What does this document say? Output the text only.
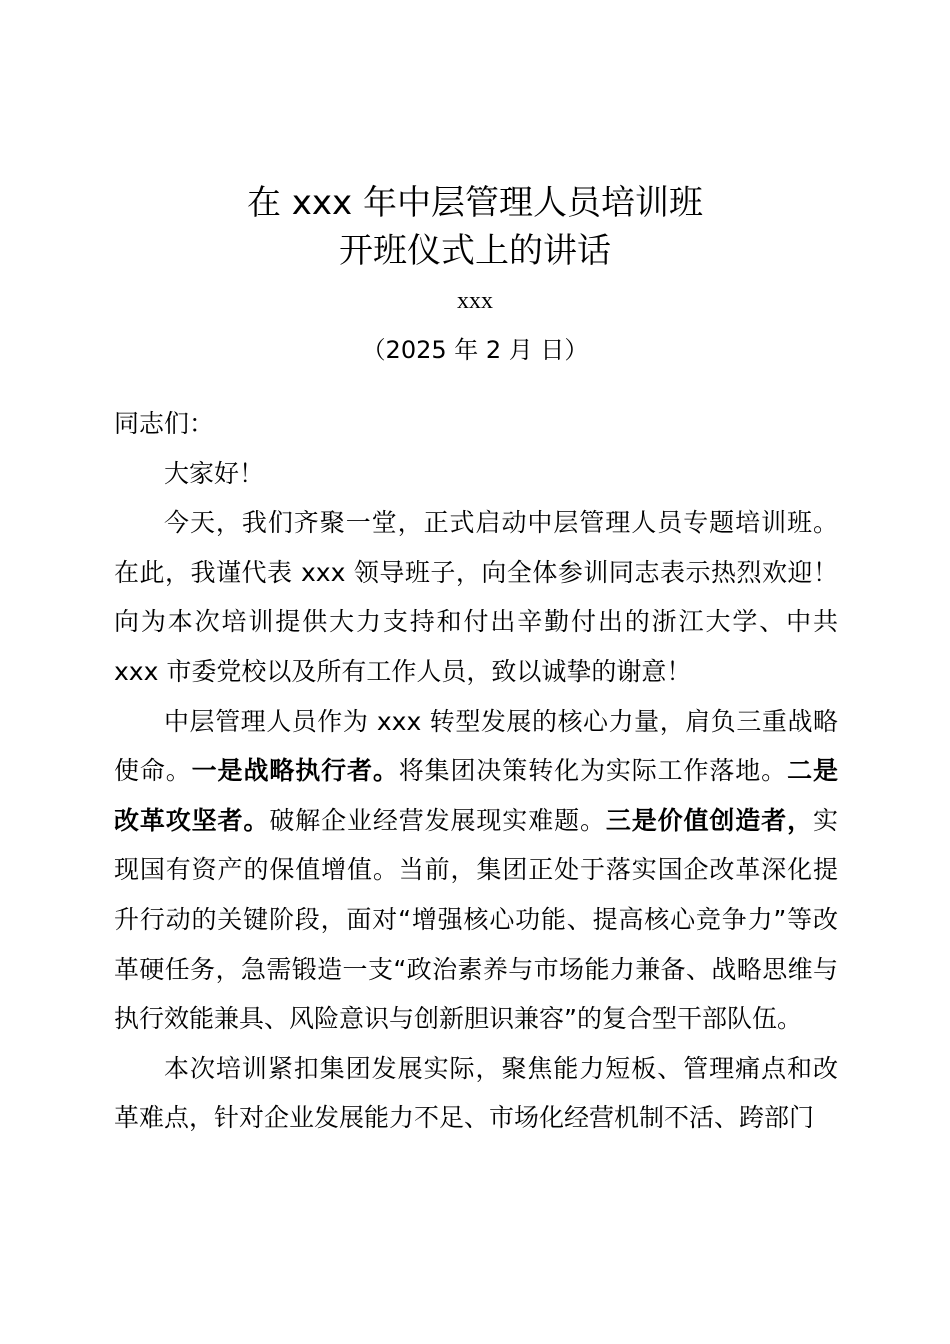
在 xxx 年中层管理人员培训班
开班仪式上的讲话
xxx
（2025 年 2 月 日）

同志们：

大家好！

今天，我们齐聚一堂，正式启动中层管理人员专题培训班。在此，我谨代表 xxx 领导班子，向全体参训同志表示热烈欢迎！向为本次培训提供大力支持和付出辛勤付出的浙江大学、中共 xxx 市委党校以及所有工作人员，致以诚挚的谢意！

中层管理人员作为 xxx 转型发展的核心力量，肩负三重战略使命。一是战略执行者。将集团决策转化为实际工作落地。二是改革攻坚者。破解企业经营发展现实难题。三是价值创造者，实现国有资产的保值增值。当前，集团正处于落实国企改革深化提升行动的关键阶段，面对“增强核心功能、提高核心竞争力”等改革硬任务，急需锻造一支“政治素养与市场能力兼备、战略思维与执行效能兼具、风险意识与创新胆识兼容”的复合型干部队伍。

本次培训紧扣集团发展实际，聚焦能力短板、管理痛点和改革难点，针对企业发展能力不足、市场化经营机制不活、跨部门
